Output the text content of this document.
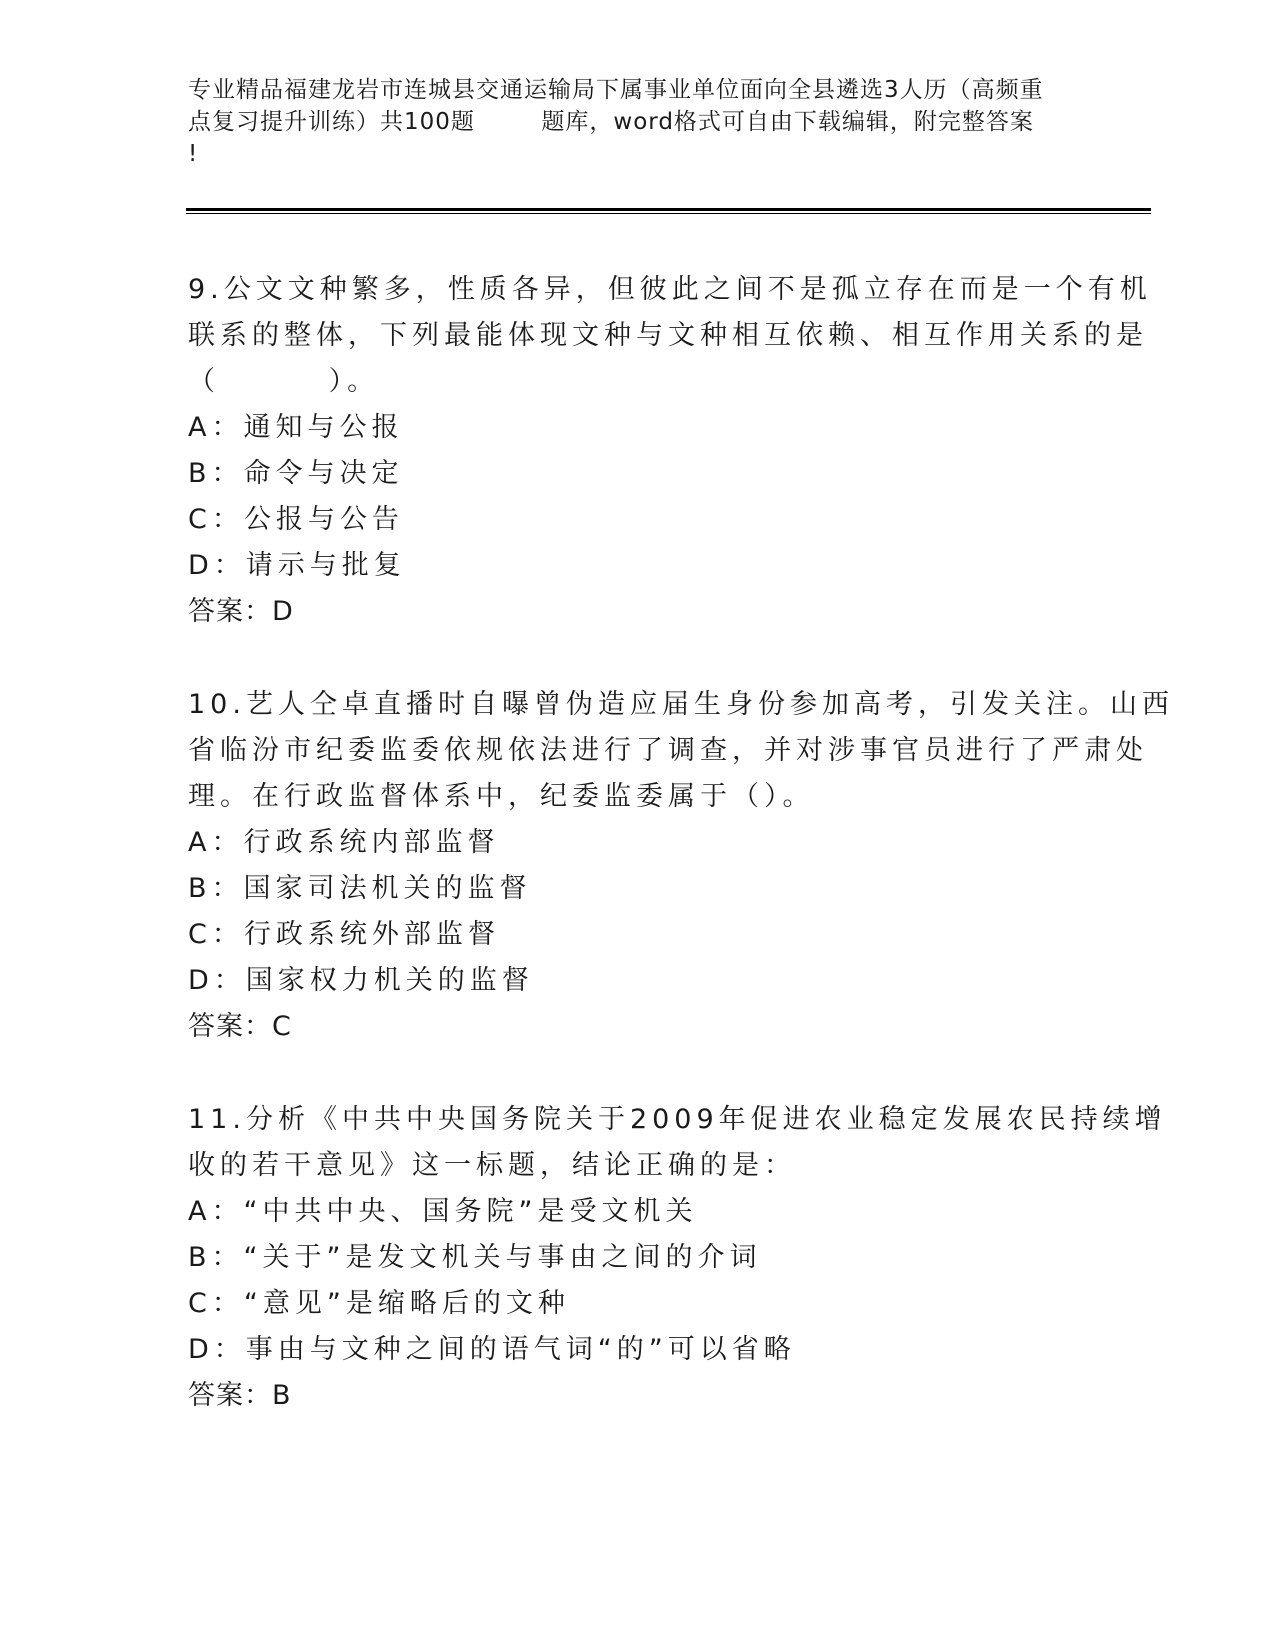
专业精品福建龙岩市连城县交通运输局下属事业单位面向全县遴选3人历（高频重
点复习提升训练）共100题        题库，word格式可自由下载编辑，附完整答案
!
9.公文文种繁多，性质各异，但彼此之间不是孤立存在而是一个有机
联系的整体，下列最能体现文种与文种相互依赖、相互作用关系的是
（        ）。
A：通知与公报
B：命令与决定
C：公报与公告
D：请示与批复
答案：D
10.艺人仝卓直播时自曝曾伪造应届生身份参加高考，引发关注。山西
省临汾市纪委监委依规依法进行了调查，并对涉事官员进行了严肃处
理。在行政监督体系中，纪委监委属于（）。
A：行政系统内部监督
B：国家司法机关的监督
C：行政系统外部监督
D：国家权力机关的监督
答案：C
11.分析《中共中央国务院关于2009年促进农业稳定发展农民持续增
收的若干意见》这一标题，结论正确的是：
A：“中共中央、国务院”是受文机关
B：“关于”是发文机关与事由之间的介词
C：“意见”是缩略后的文种
D：事由与文种之间的语气词“的”可以省略
答案：B
